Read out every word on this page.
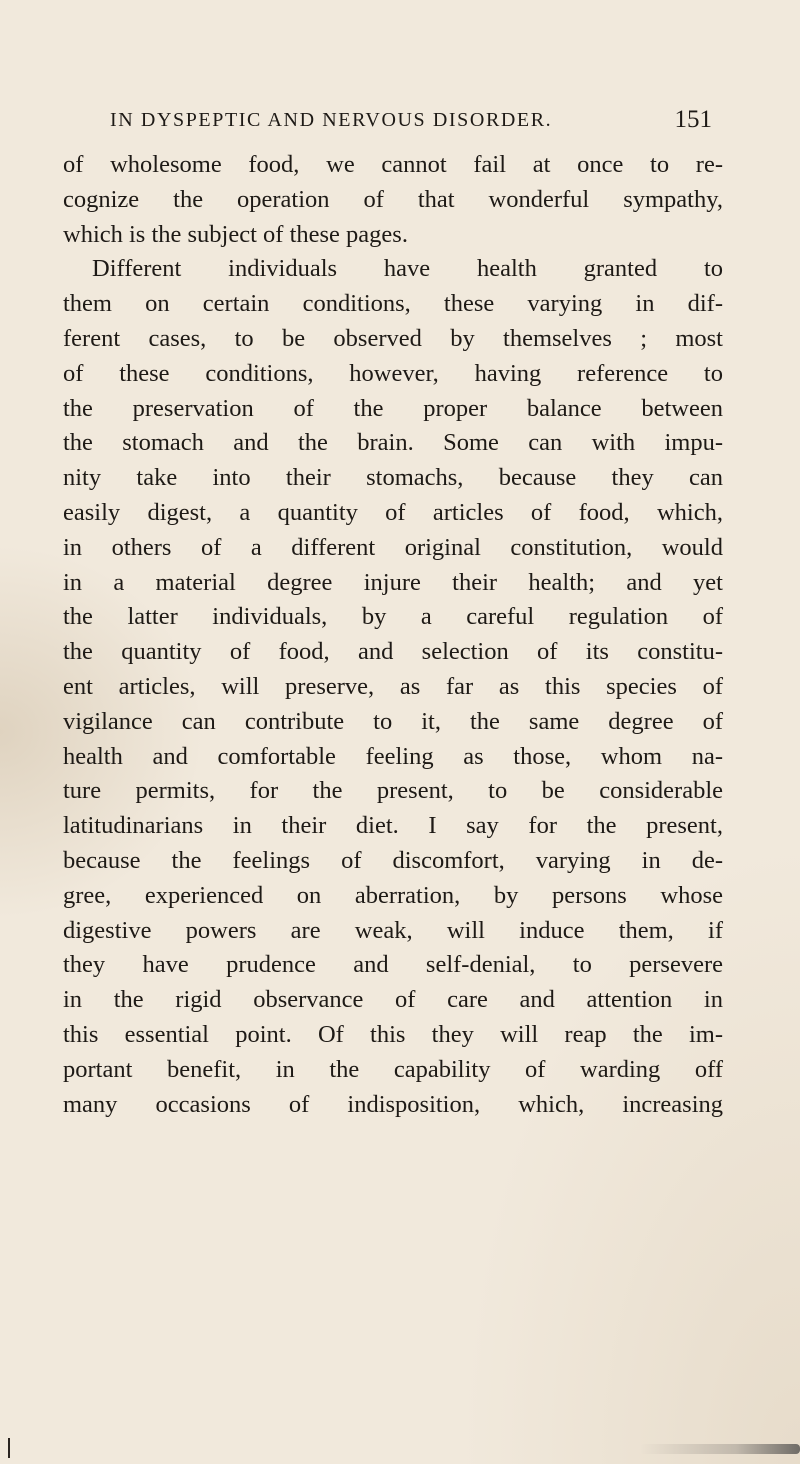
IN DYSPEPTIC AND NERVOUS DISORDER.	151
of wholesome food, we cannot fail at once to re-
cognize the operation of that wonderful sympathy,
which is the subject of these pages.
Different individuals have health granted to
them on certain conditions, these varying in dif-
ferent cases, to be observed by themselves ; most
of these conditions, however, having reference to
the preservation of the proper balance between
the stomach and the brain. Some can with impu-
nity take into their stomachs, because they can
easily digest, a quantity of articles of food, which,
in others of a different original constitution, would
in a material degree injure their health; and yet
the latter individuals, by a careful regulation of
the quantity of food, and selection of its constitu-
ent articles, will preserve, as far as this species of
vigilance can contribute to it, the same degree of
health and comfortable feeling as those, whom na-
ture permits, for the present, to be considerable
latitudinarians in their diet. I say for the present,
because the feelings of discomfort, varying in de-
gree, experienced on aberration, by persons whose
digestive powers are weak, will induce them, if
they have prudence and self-denial, to persevere
in the rigid observance of care and attention in
this essential point. Of this they will reap the im-
portant benefit, in the capability of warding off
many occasions of indisposition, which, increasing
